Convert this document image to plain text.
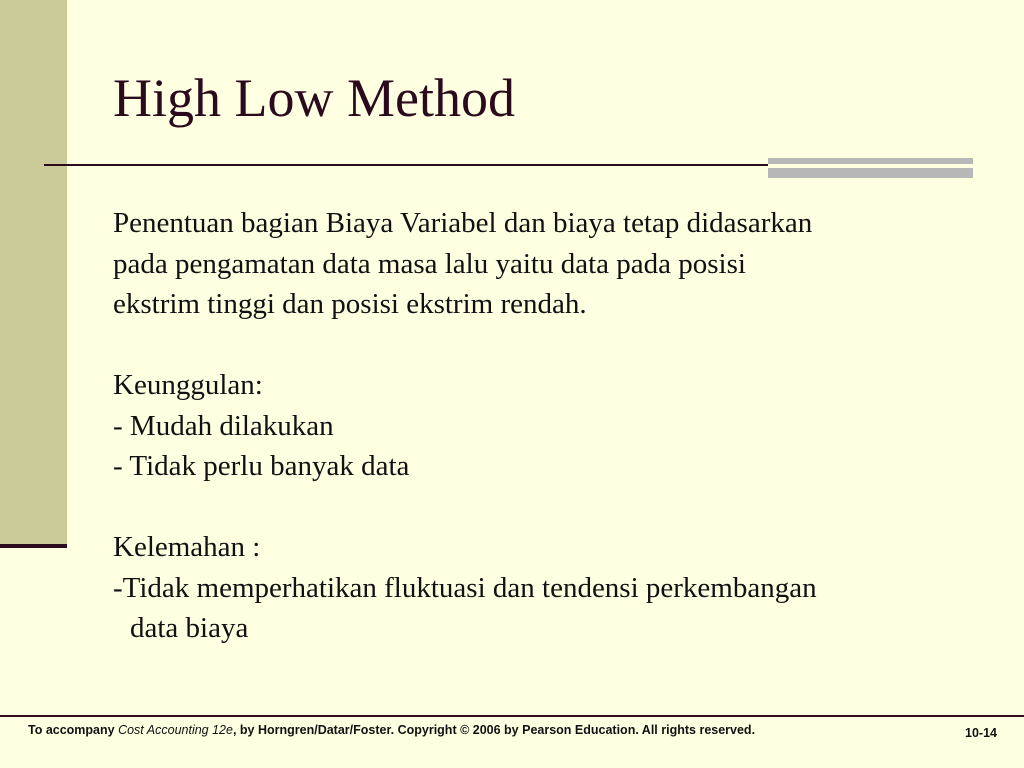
High Low Method
Penentuan bagian Biaya Variabel dan biaya tetap didasarkan
pada pengamatan data masa lalu yaitu data pada posisi
ekstrim tinggi dan posisi ekstrim rendah.
Keunggulan:
- Mudah dilakukan
- Tidak perlu banyak data
Kelemahan :
-Tidak memperhatikan fluktuasi dan tendensi perkembangan
data biaya
To accompany Cost Accounting 12e, by Horngren/Datar/Foster. Copyright © 2006 by Pearson Education. All rights reserved.	10-14
